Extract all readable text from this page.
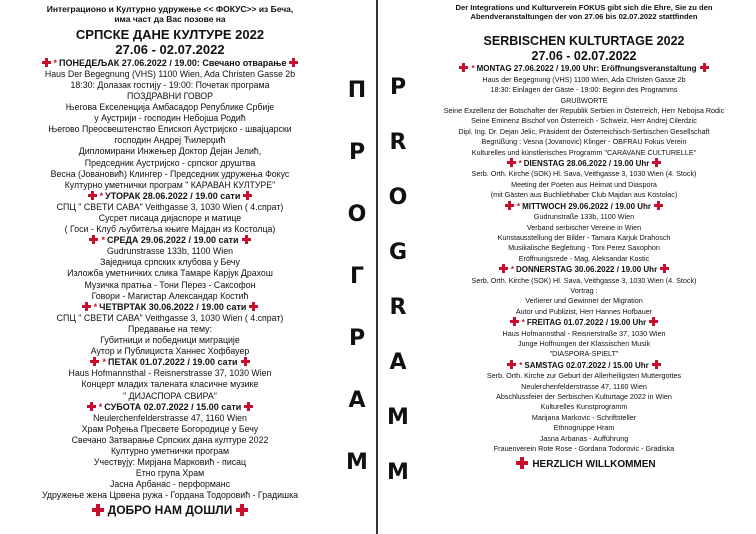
Интеграционо и Културно удружење << ФОКУС>> из Беча,
има част да Вас позове на
СРПСКЕ ДАНЕ КУЛТУРЕ 2022
27.06 - 02.07.2022
* ПОНЕДЕЉАК 27.06.2022 / 19.00: Свечано отварање
Haus Der Begegnung (VHS) 1100 Wien, Ada Christen Gasse 2b
18:30: Долазак гостију - 19:00: Почетак програма
ПОЗДРАВНИ ГОВОР
Његова Екселенција Амбасадор Републике Србије
у Аустрији - господин Небојша Родић
Његово Преосвештенство Епископ Аустријско - швајцарски
господин Андреј Ћилерџић
Дипломирани Инжењер Доктор Дејан Јелић,
Председник Аустријско - српског друштва
Весна (Јовановић) Клингер - Председник удружења Фокус
Културно уметнички програм " КАРАВАН КУЛТУРЕ"
* УТОРАК 28.06.2022 / 19.00 сати
СПЦ " СВЕТИ САВА" Veithgasse 3, 1030 Wien ( 4.спрат)
Сусрет писаца дијаспоре и матице
( Госи - Клуб љубитеља књиге Мајдан из Костолца)
* СРЕДА 29.06.2022 / 19.00 сати
Gudrunstrasse 133b, 1100 Wien
Заједница српских клубова у Бечу
Изложба уметничких слика Тамаре Карјук Драхош
Музичка пратња - Тони Перез - Саксофон
Говори - Магистар Александар Костић
* ЧЕТВРТАК 30.06.2022 / 19.00 сати
СПЦ " СВЕТИ САВА" Veithgasse 3, 1030 Wien ( 4.спрат)
Предавање на тему:
Губитници и победници миграције
Аутор и Публициста Ханнес Хофбауер
* ПЕТАК 01.07.2022 / 19.00 сати
Haus Hofmannsthal - Reisnerstrasse 37, 1030 Wien
Концерт младих талената класичне музике
" ДИЈАСПОРА СВИРА"
* СУБОТА 02.07.2022 / 15.00 сати
Neulerchenfelderstrasse 47, 1160 Wien
Храм Рођења Пресвете Богородице у Бечу
Свечано Затварање Српских дана културе 2022
Културно уметнички програм
Учествују: Мирјана Марковић - писац
Етно група Храм
Јасна Арбанас - перформанс
Удружење жена Црвена ружа - Гордана Тодоровић - Градишка
ДОБРО НАМ ДОШЛИ
П
Р
О
Г
Р
А
М
P
R
O
G
R
A
M
M
Der Integrations und Kulturverein FOKUS gibt sich die Ehre, Sie zu den
Abendveranstaltungen der von 27.06 bis 02.07.2022 stattfinden
SERBISCHEN KULTURTAGE 2022
27.06 - 02.07.2022
* MONTAG 27.06.2022 / 19.00 Uhr: Eröffnungsveranstaltung
Haus der Begegnung (VHS) 1100 Wien, Ada Christen Gasse 2b
18:30: Einlagen der Gäste - 19:00: Beginn des Programms
GRUßWORTE
Seine Exzellenz der Botschafter der Republik Serbien in Österreich, Herr Nebojsa Rodic
Seine Eminenz Bischof von Österreich - Schweiz, Herr Andrej Cilerdzic
Dipl. Ing. Dr. Dejan Jelic, Präsident der Österreichisch-Serbischen Gesellschaft
Begrüßung : Vesna (Jovanovic) Klinger - OBFRAU Fokus Verein
Kulturelles und künstlerisches Programm "CARAVANE CULTURELLE"
* DIENSTAG 28.06.2022 / 19.00 Uhr
Serb. Orth. Kirche (SOK) Hl. Sava, Veithgasse 3, 1030 Wien (4. Stock)
Meeting der Poeten aus Heimat und Diaspora
(mit Gästen aus Buchliebhaber Club Majdan aus Kostolac)
* MITTWOCH 29.06.2022 / 19.00 Uhr
Gudrunstraße 133b, 1100 Wien
Verband serbischer Vereine in Wien
Kunstausstellung der Bilder - Tamara Karjuk Drahosch
Musikalische Begleitung - Toni Perez Saxophon
Eröffnungsrede - Mag. Aleksandar Kostic
* DONNERSTAG 30.06.2022 / 19.00 Uhr
Serb. Orth. Kirche (SOK) Hl. Sava, Veithgasse 3, 1030 Wien (4. Stock)
Vortrag :
Verlierer und Gewinner der Migration
Autor und Publizist, Herr Hannes Hofbauer
* FREITAG 01.07.2022 / 19.00 Uhr
Haus Hofmannsthal - Reisnerstraße 37, 1030 Wien
Junge Hoffnungen der Klassischen Musik
"DIASPORA-SPIELT"
* SAMSTAG 02.07.2022 / 15.00 Uhr
Serb. Orth. Kirche zur Geburt der Allerheiligsten Muttergottes
Neulerchenfelderstrasse 47, 1160 Wien
Abschlussfeier der Serbischen Kulturtage 2022 in Wien
Kulturelles Kunstprogramm
Marijana Markovic - Schriftsteller
Ethnogruppe Hram
Jasna Arbanas - Aufführung
Frauenverein Rote Rose - Gordana Todorovic - Gradiska
HERZLICH WILLKOMMEN
